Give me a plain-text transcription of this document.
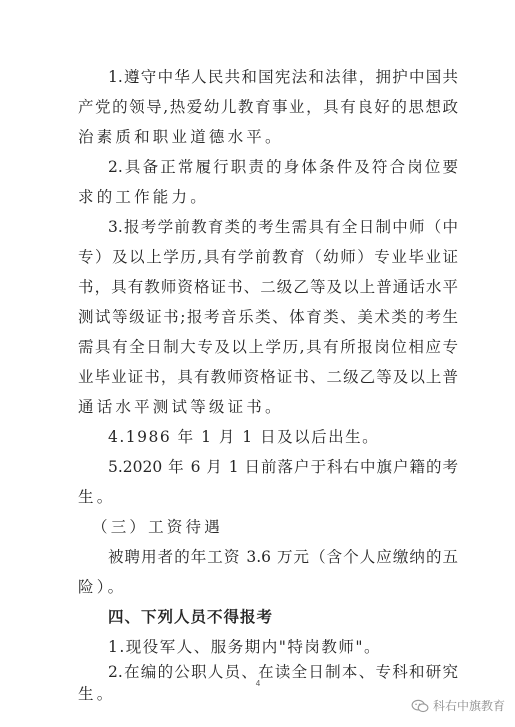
1.遵守中华人民共和国宪法和法律，拥护中国共
产党的领导,热爱幼儿教育事业，具有良好的思想政
治素质和职业道德水平。
2.具备正常履行职责的身体条件及符合岗位要
求的工作能力。
3.报考学前教育类的考生需具有全日制中师（中
专）及以上学历,具有学前教育（幼师）专业毕业证
书，具有教师资格证书、二级乙等及以上普通话水平
测试等级证书;报考音乐类、体育类、美术类的考生
需具有全日制大专及以上学历,具有所报岗位相应专
业毕业证书，具有教师资格证书、二级乙等及以上普
通话水平测试等级证书。
4.1986 年 1 月 1 日及以后出生。
5.2020 年 6 月 1 日前落户于科右中旗户籍的考
生。
（三）工资待遇
被聘用者的年工资 3.6 万元（含个人应缴纳的五
险）。
四、下列人员不得报考
1.现役军人、服务期内"特岗教师"。
2.在编的公职人员、在读全日制本、专科和研究
4
科右中旗教育
生。
